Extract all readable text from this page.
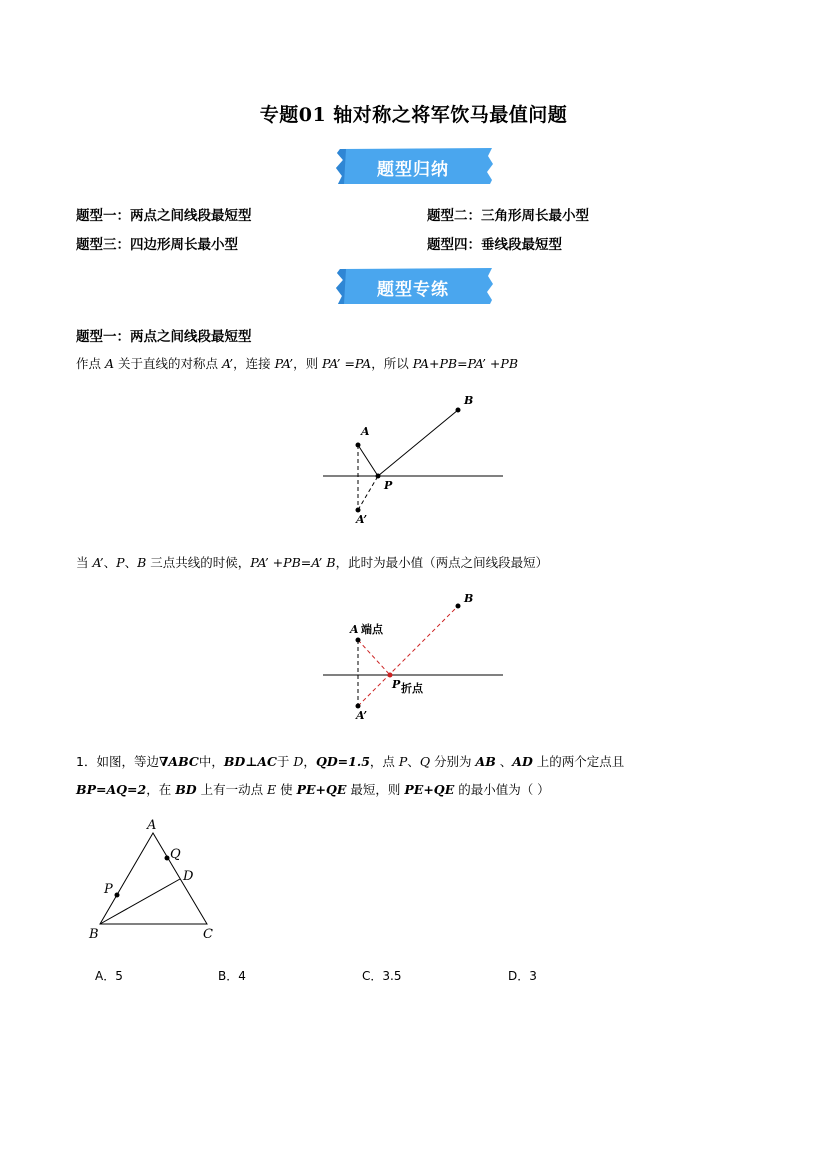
专题01 轴对称之将军饮马最值问题
题型归纳
题型一：两点之间线段最短型	题型二：三角形周长最小型
题型三：四边形周长最小型	题型四：垂线段最短型
题型专练
题型一：两点之间线段最短型
作点 A 关于直线的对称点 A’，连接 PA’，则 PA’ =PA，所以 PA+PB=PA’ +PB
A
B
P
A’
当 A’、P、B 三点共线的时候，PA’ +PB=A’ B，此时为最小值（两点之间线段最短）
A 端点
B
P 折点
A’
1．如图，等边∇ABC中，BD⊥AC于 D，QD=1.5，点 P、Q 分别为 AB 、AD 上的两个定点且
BP=AQ=2，在 BD 上有一动点 E 使 PE+QE 最短，则 PE+QE 的最小值为（ ）
A
B	C
D
P
Q
A．5	B．4	C．3.5	D．3
